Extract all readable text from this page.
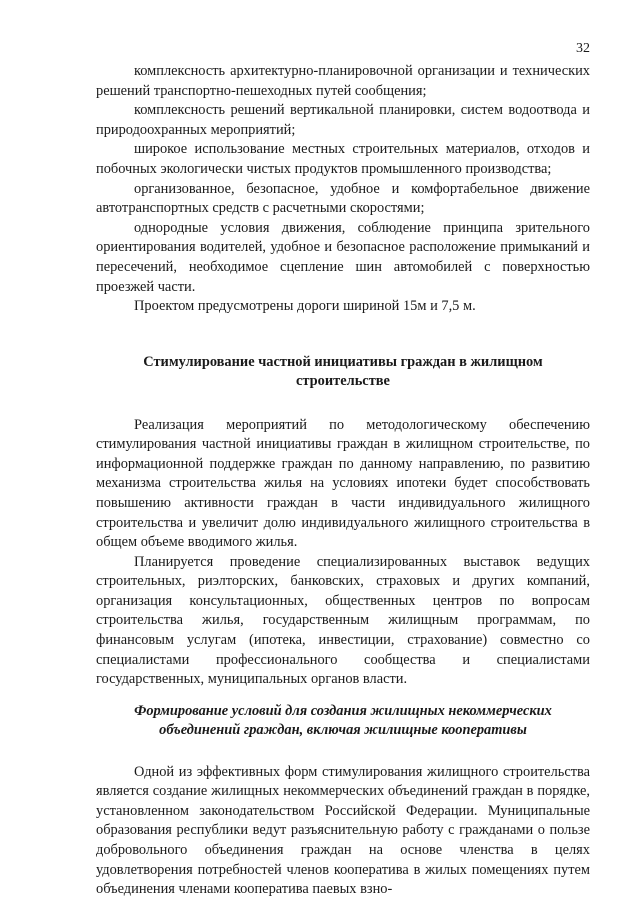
32

комплексность архитектурно-планировочной организации и технических решений транспортно-пешеходных путей сообщения;

комплексность решений вертикальной планировки, систем водоотвода и природоохранных мероприятий;

широкое использование местных строительных материалов, отходов и побочных экологически чистых продуктов промышленного производства;

организованное, безопасное, удобное и комфортабельное движение автотранспортных средств с расчетными скоростями;

однородные условия движения, соблюдение принципа зрительного ориентирования водителей, удобное и безопасное расположение примыканий и пересечений, необходимое сцепление шин автомобилей с поверхностью проезжей части.

Проектом предусмотрены дороги шириной 15м и 7,5 м.

Стимулирование частной инициативы граждан в жилищном строительстве

Реализация мероприятий по методологическому обеспечению стимулирования частной инициативы граждан в жилищном строительстве, по информационной поддержке граждан по данному направлению, по развитию механизма строительства жилья на условиях ипотеки будет способствовать повышению активности граждан в части индивидуального жилищного строительства и увеличит долю индивидуального жилищного строительства в общем объеме вводимого жилья.

Планируется проведение специализированных выставок ведущих строительных, риэлторских, банковских, страховых и других компаний, организация консультационных, общественных центров по вопросам строительства жилья, государственным жилищным программам, по финансовым услугам (ипотека, инвестиции, страхование) совместно со специалистами профессионального сообщества и специалистами государственных, муниципальных органов власти.

Формирование условий для создания жилищных некоммерческих объединений граждан, включая жилищные кооперативы

Одной из эффективных форм стимулирования жилищного строительства является создание жилищных некоммерческих объединений граждан в порядке, установленном законодательством Российской Федерации. Муниципальные образования республики ведут разъяснительную работу с гражданами о пользе добровольного объединения граждан на основе членства в целях удовлетворения потребностей членов кооператива в жилых помещениях путем объединения членами кооператива паевых взно-
